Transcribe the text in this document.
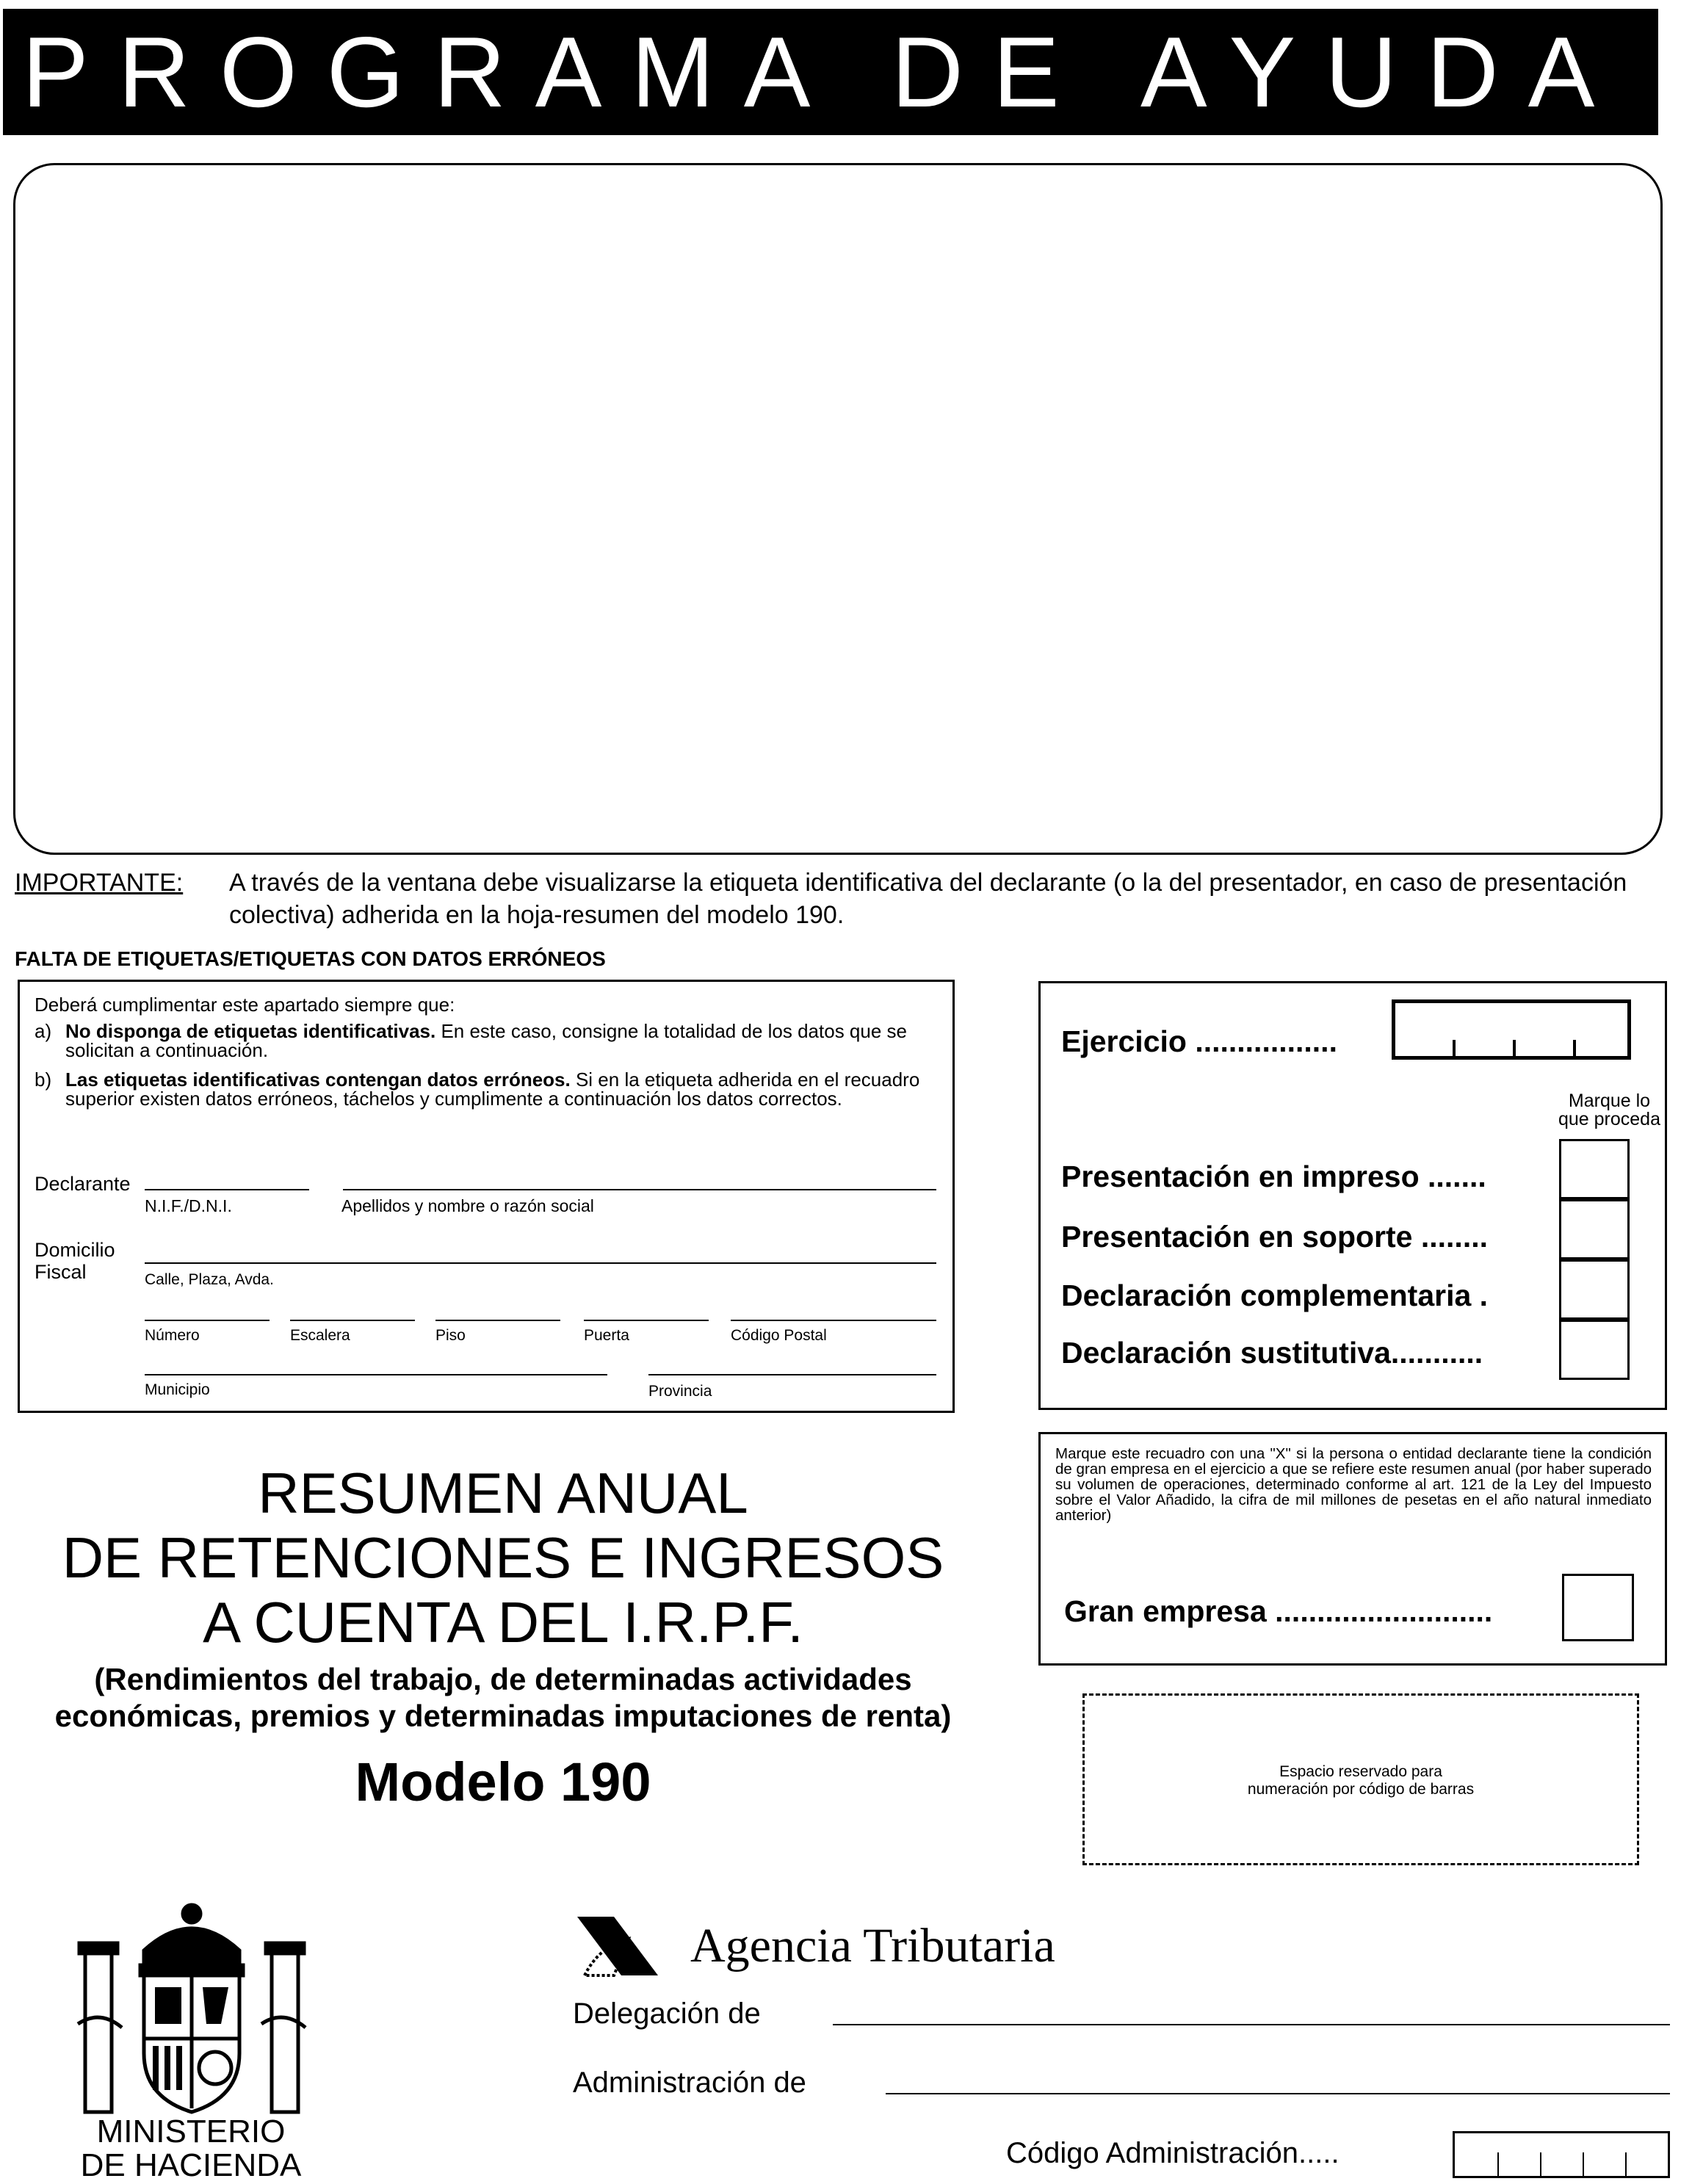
PROGRAMA DE AYUDA
IMPORTANTE: A través de la ventana debe visualizarse la etiqueta identificativa del declarante (o la del presentador, en caso de presentación colectiva) adherida en la hoja-resumen del modelo 190.
FALTA DE ETIQUETAS/ETIQUETAS CON DATOS ERRÓNEOS
Deberá cumplimentar este apartado siempre que:
a) No disponga de etiquetas identificativas. En este caso, consigne la totalidad de los datos que se solicitan a continuación.
b) Las etiquetas identificativas contengan datos erróneos. Si en la etiqueta adherida en el recuadro superior existen datos erróneos, táchelos y cumplimente a continuación los datos correctos.
Declarante
N.I.F./D.N.I.	Apellidos y nombre o razón social
Domicilio
Fiscal	Calle, Plaza, Avda.
Número	Escalera	Piso	Puerta	Código Postal
Municipio	Provincia
Ejercicio .................
Marque lo
que proceda
Presentación en impreso .......
Presentación en soporte ........
Declaración complementaria .
Declaración sustitutiva...........
Marque este recuadro con una "X" si la persona o entidad declarante tiene la condición de gran empresa en el ejercicio a que se refiere este resumen anual (por haber superado su volumen de operaciones, determinado conforme al art. 121 de la Ley del Impuesto sobre el Valor Añadido, la cifra de mil millones de pesetas en el año natural inmediato anterior)
Gran empresa ..........................
Espacio reservado para
numeración por código de barras
RESUMEN ANUAL
DE RETENCIONES E INGRESOS
A CUENTA DEL I.R.P.F.
(Rendimientos del trabajo, de determinadas actividades
económicas, premios y determinadas imputaciones de renta)
Modelo 190
MINISTERIO
DE HACIENDA
Agencia Tributaria
Delegación de
Administración de
Código Administración.....
